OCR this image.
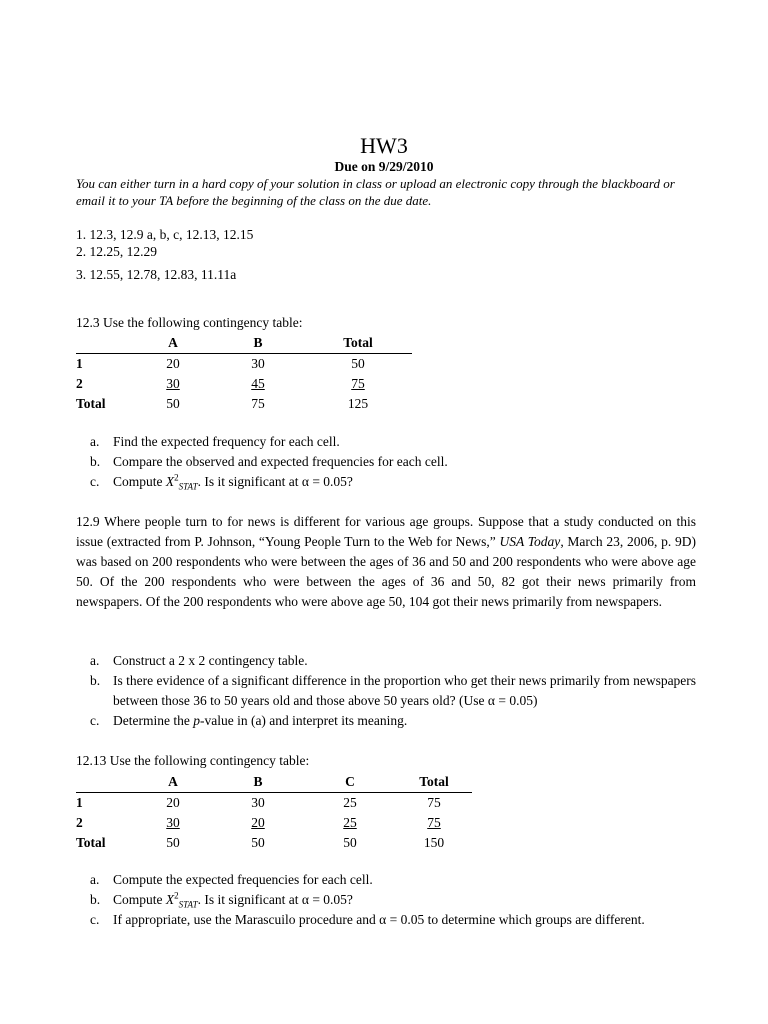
HW3
Due on 9/29/2010
You can either turn in a hard copy of your solution in class or upload an electronic copy through the blackboard or email it to your TA before the beginning of the class on the due date.
1. 12.3, 12.9 a, b, c, 12.13, 12.15
2. 12.25, 12.29
3. 12.55, 12.78, 12.83, 11.11a
12.3 Use the following contingency table:
	A	B	Total
1	20	30	50
2	30	45	75
Total	50	75	125
a. Find the expected frequency for each cell.
b. Compare the observed and expected frequencies for each cell.
c. Compute $X^2_{STAT}$. Is it significant at α = 0.05?
12.9 Where people turn to for news is different for various age groups. Suppose that a study conducted on this issue (extracted from P. Johnson, “Young People Turn to the Web for News,” USA Today, March 23, 2006, p. 9D) was based on 200 respondents who were between the ages of 36 and 50 and 200 respondents who were above age 50. Of the 200 respondents who were between the ages of 36 and 50, 82 got their news primarily from newspapers. Of the 200 respondents who were above age 50, 104 got their news primarily from newspapers.
a. Construct a 2 x 2 contingency table.
b. Is there evidence of a significant difference in the proportion who get their news primarily from newspapers between those 36 to 50 years old and those above 50 years old? (Use α = 0.05)
c. Determine the p-value in (a) and interpret its meaning.
12.13 Use the following contingency table:
	A	B	C	Total
1	20	30	25	75
2	30	20	25	75
Total	50	50	50	150
a. Compute the expected frequencies for each cell.
b. Compute $X^2_{STAT}$. Is it significant at α = 0.05?
c. If appropriate, use the Marascuilo procedure and α = 0.05 to determine which groups are different.
